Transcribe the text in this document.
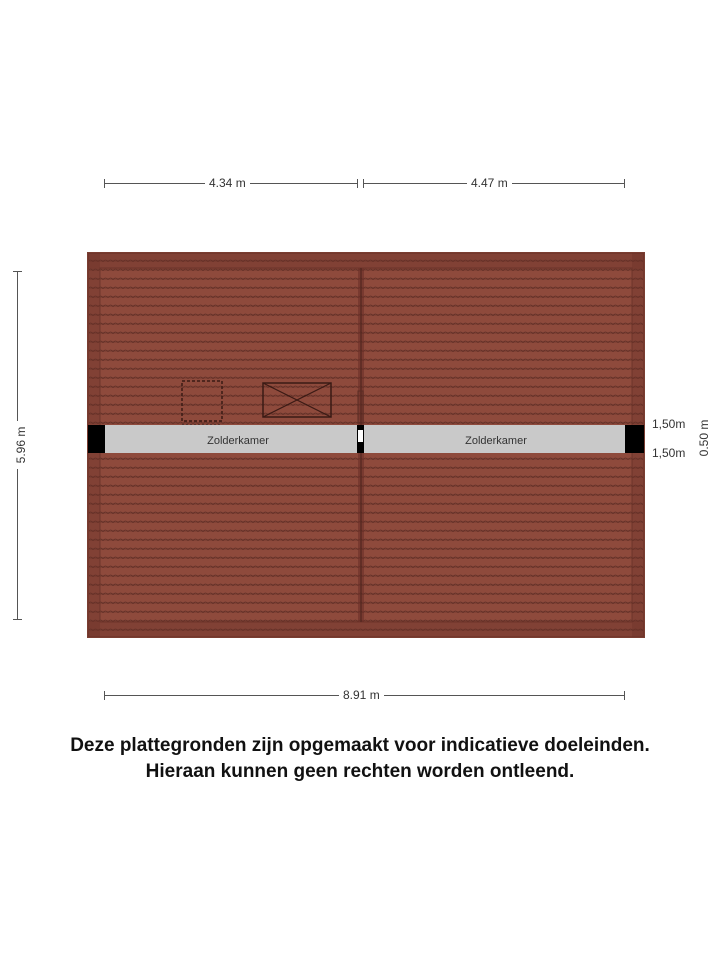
4.34 m	4.47 m
5.96 m
8.91 m
1,50m
1,50m 0.50 m
Zolderkamer	Zolderkamer
Deze plattegronden zijn opgemaakt voor indicatieve doeleinden.
Hieraan kunnen geen rechten worden ontleend.
